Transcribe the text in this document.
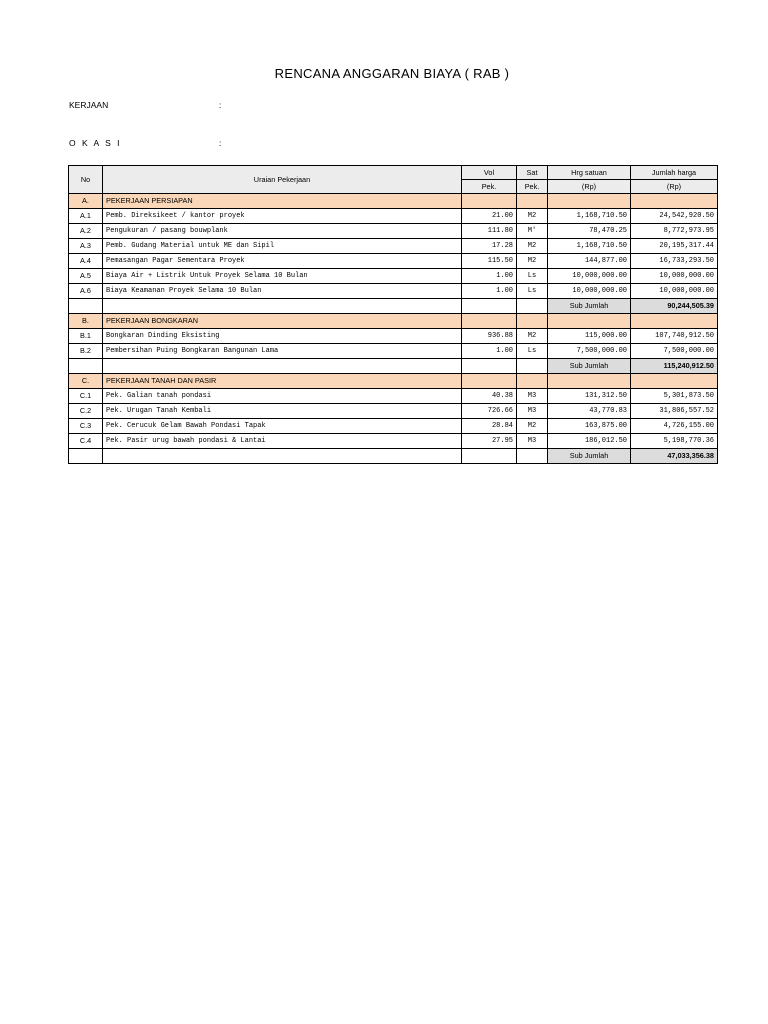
RENCANA ANGGARAN BIAYA ( RAB )
KERJAAN	:
O K A S I	:
No	Uraian Pekerjaan	Vol	Sat	Hrg satuan	Jumlah harga
		Pek.	Pek.	(Rp)	(Rp)
A.	PEKERJAAN PERSIAPAN				
A.1	Pemb. Direksikeet / kantor proyek	21.00	M2	1,168,710.50	24,542,920.50
A.2	Pengukuran / pasang bouwplank	111.80	M'	78,470.25	8,772,973.95
A.3	Pemb. Gudang Material untuk ME dan Sipil	17.28	M2	1,168,710.50	20,195,317.44
A.4	Pemasangan Pagar Sementara Proyek	115.50	M2	144,877.00	16,733,293.50
A.5	Biaya Air + Listrik Untuk Proyek Selama 10 Bulan	1.00	Ls	10,000,000.00	10,000,000.00
A.6	Biaya Keamanan Proyek Selama 10 Bulan	1.00	Ls	10,000,000.00	10,000,000.00
				Sub Jumlah	90,244,505.39
B.	PEKERJAAN BONGKARAN				
B.1	Bongkaran Dinding Eksisting	936.88	M2	115,000.00	107,740,912.50
B.2	Pembersihan Puing Bongkaran Bangunan Lama	1.00	Ls	7,500,000.00	7,500,000.00
				Sub Jumlah	115,240,912.50
C.	PEKERJAAN TANAH DAN PASIR				
C.1	Pek. Galian tanah pondasi	40.38	M3	131,312.50	5,301,873.50
C.2	Pek. Urugan Tanah Kembali	726.66	M3	43,770.83	31,806,557.52
C.3	Pek. Cerucuk Gelam Bawah Pondasi Tapak	28.84	M2	163,875.00	4,726,155.00
C.4	Pek. Pasir urug bawah pondasi & Lantai	27.95	M3	186,012.50	5,198,770.36
				Sub Jumlah	47,033,356.38
